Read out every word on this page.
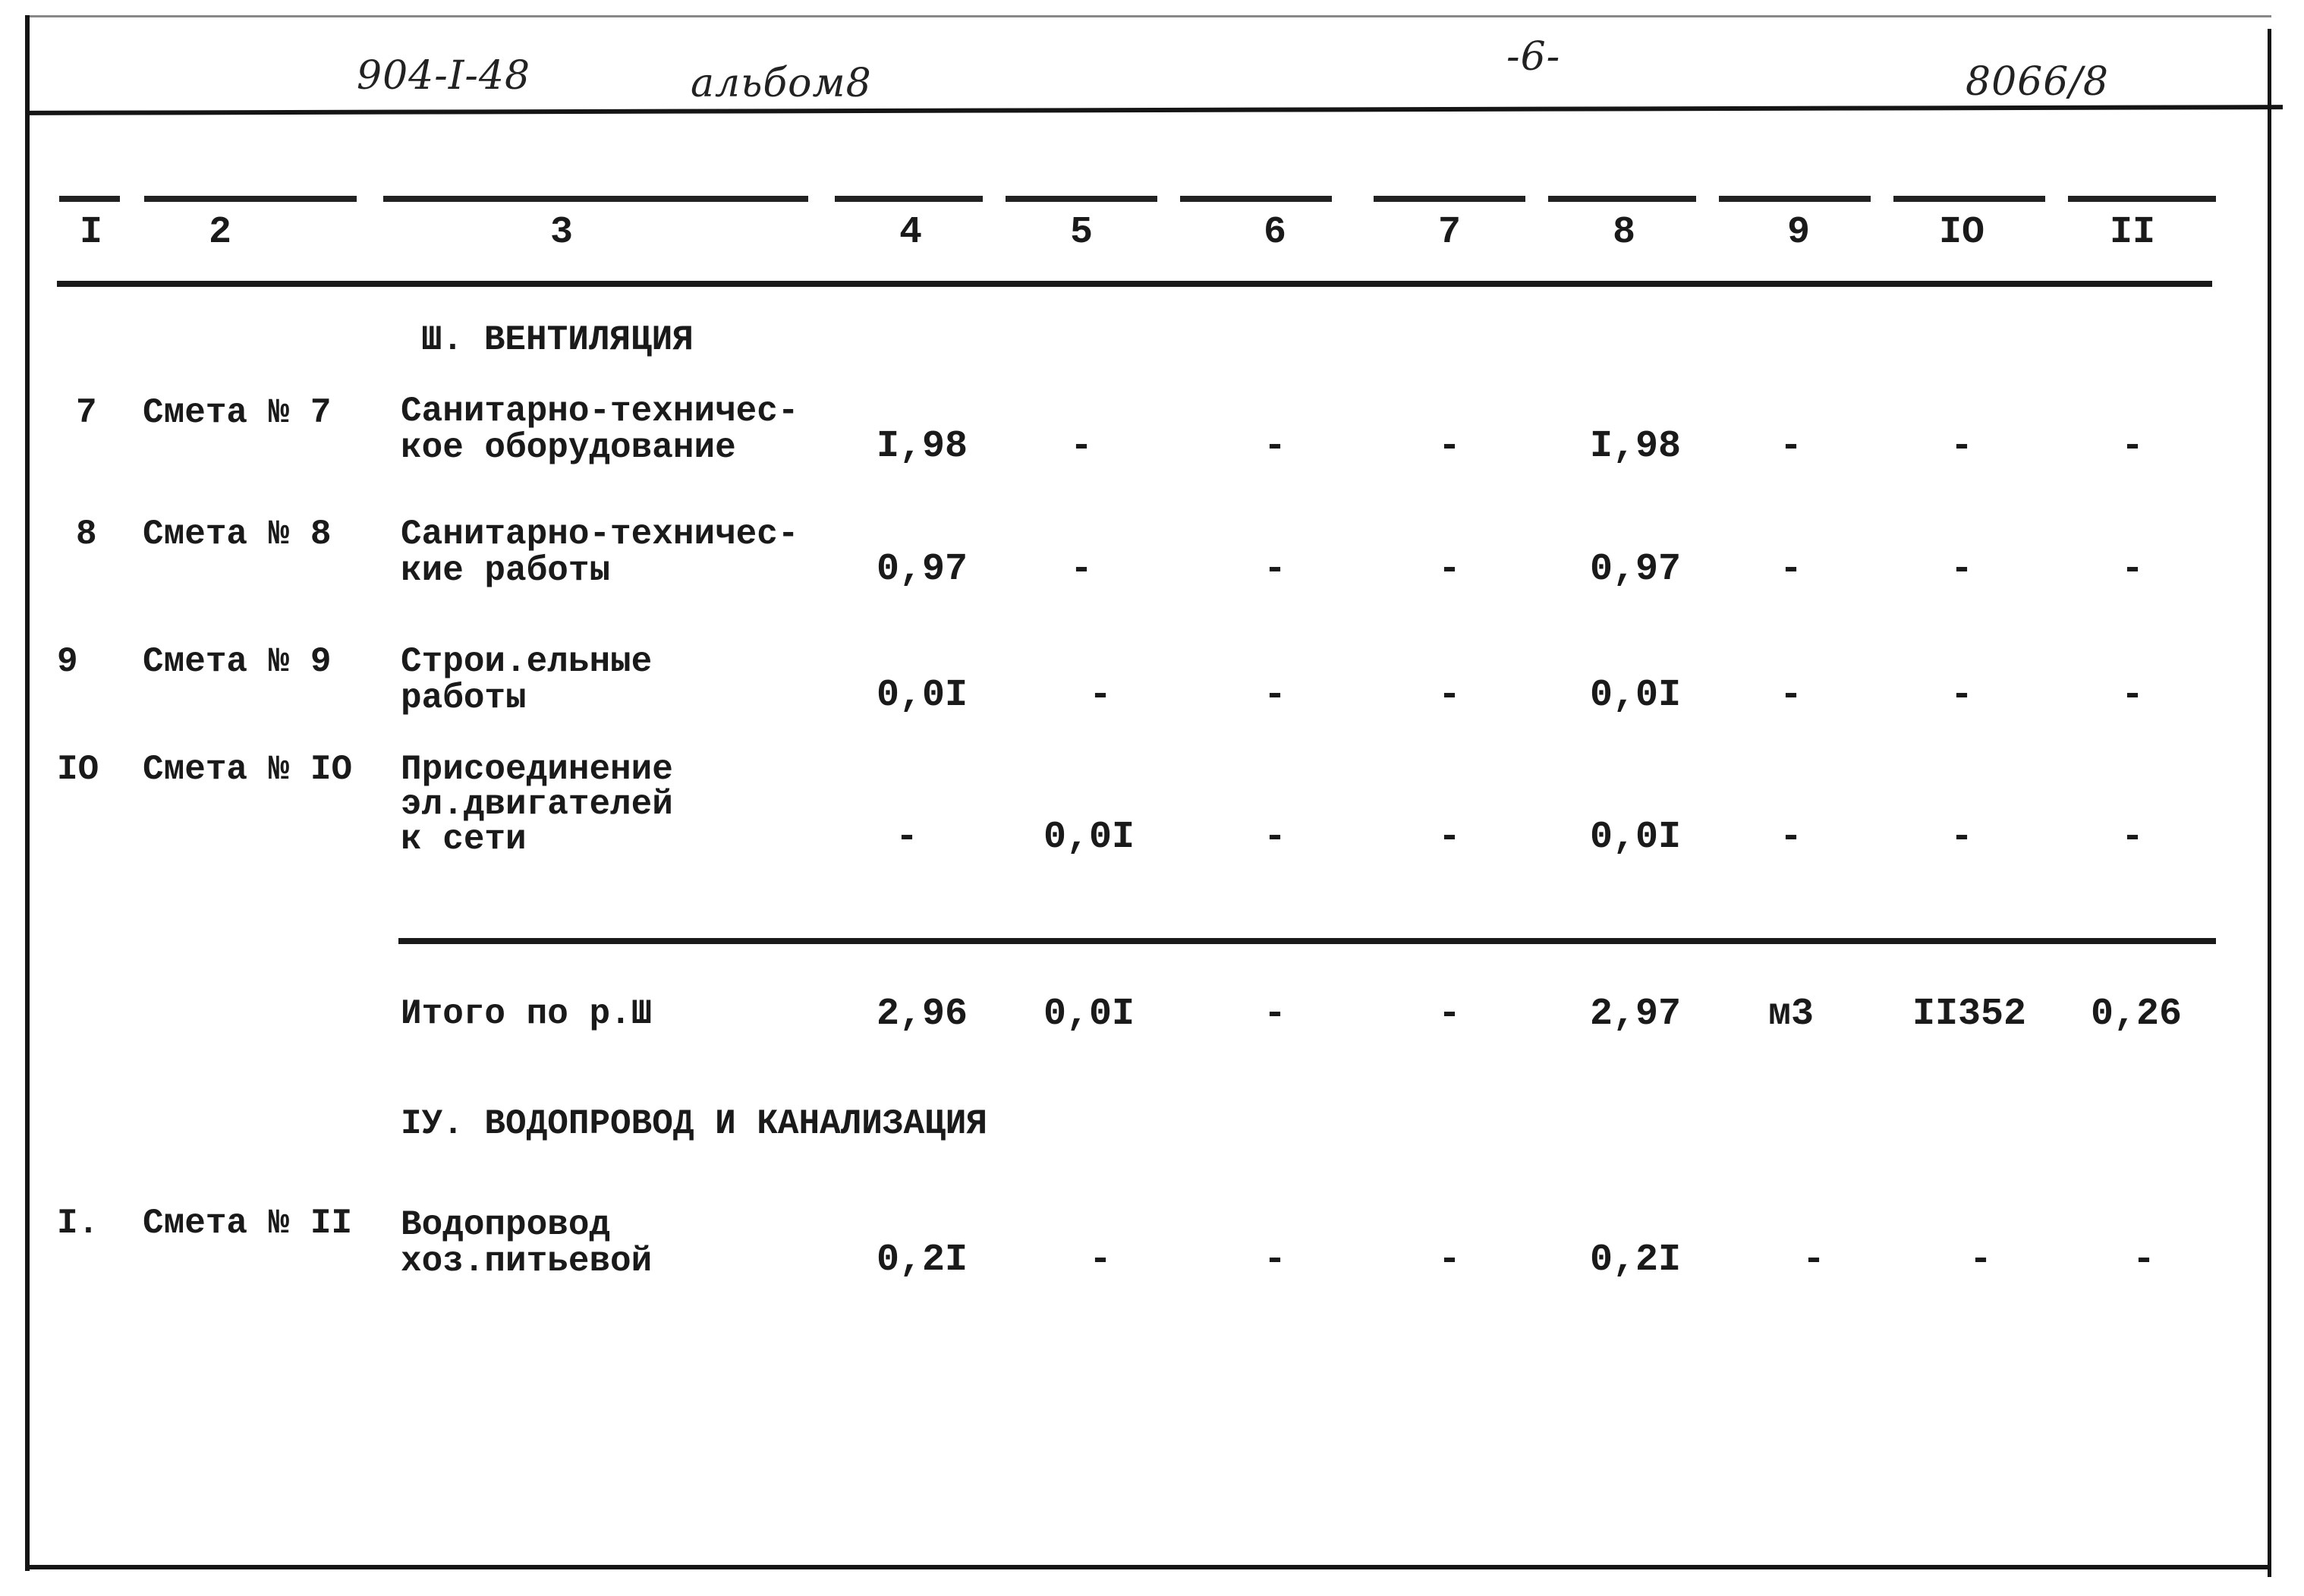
904-I-48	альбом8
-6-
8066/8
I	2	3	4	5	6	7	8	9	IO	II
Ш. ВЕНТИЛЯЦИЯ
7 Смета № 7 Санитарно-техничес-
кое оборудование	I,98	-	-	-	I,98	-	-	-
8 Смета № 8 Санитарно-техничес-
кие работы	0,97	-	-	-	0,97	-	-	-
9 Смета № 9 Строи.ельные
работы	0,0I	-	-	-	0,0I	-	-	-
IO Смета № IO Присоединение
эл.двигателей
к сети	-	0,0I	-	-	0,0I	-	-	-
Итого по р.Ш	2,96	0,0I	-	-	2,97	м3	II352	0,26
IУ. ВОДОПРОВОД И КАНАЛИЗАЦИЯ
I. Смета № II Водопровод
хоз.питьевой	0,2I	-	-	-	0,2I	-	-	-
